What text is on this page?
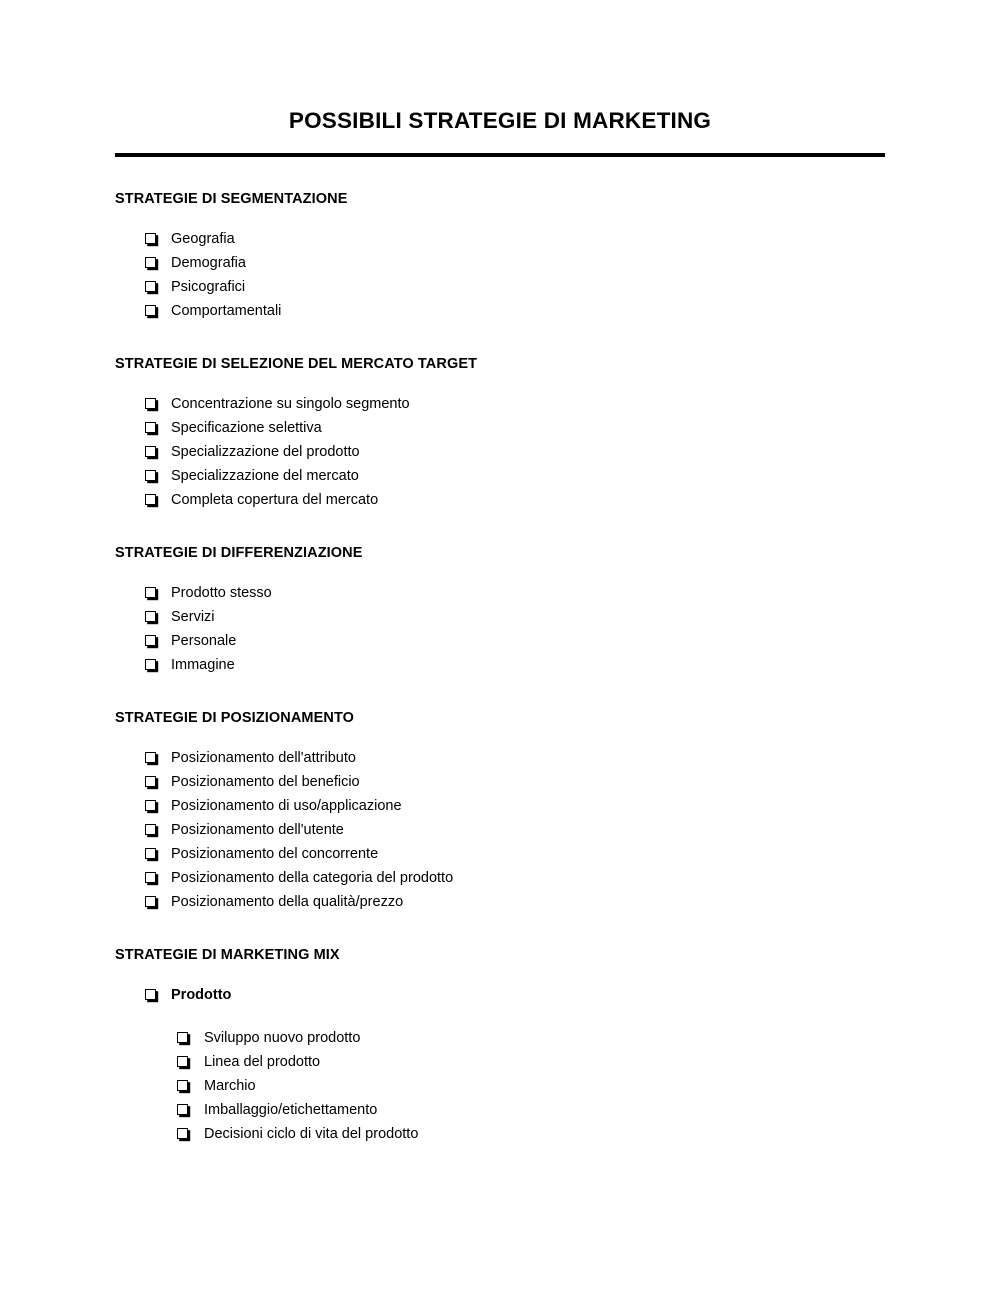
POSSIBILI STRATEGIE DI MARKETING
STRATEGIE DI SEGMENTAZIONE
Geografia
Demografia
Psicografici
Comportamentali
STRATEGIE DI SELEZIONE DEL MERCATO TARGET
Concentrazione su singolo segmento
Specificazione selettiva
Specializzazione del prodotto
Specializzazione del mercato
Completa copertura del mercato
STRATEGIE DI DIFFERENZIAZIONE
Prodotto stesso
Servizi
Personale
Immagine
STRATEGIE DI POSIZIONAMENTO
Posizionamento dell'attributo
Posizionamento del beneficio
Posizionamento di uso/applicazione
Posizionamento dell'utente
Posizionamento del concorrente
Posizionamento della categoria del prodotto
Posizionamento della qualità/prezzo
STRATEGIE DI MARKETING MIX
Prodotto
Sviluppo nuovo prodotto
Linea del prodotto
Marchio
Imballaggio/etichettamento
Decisioni ciclo di vita del prodotto
